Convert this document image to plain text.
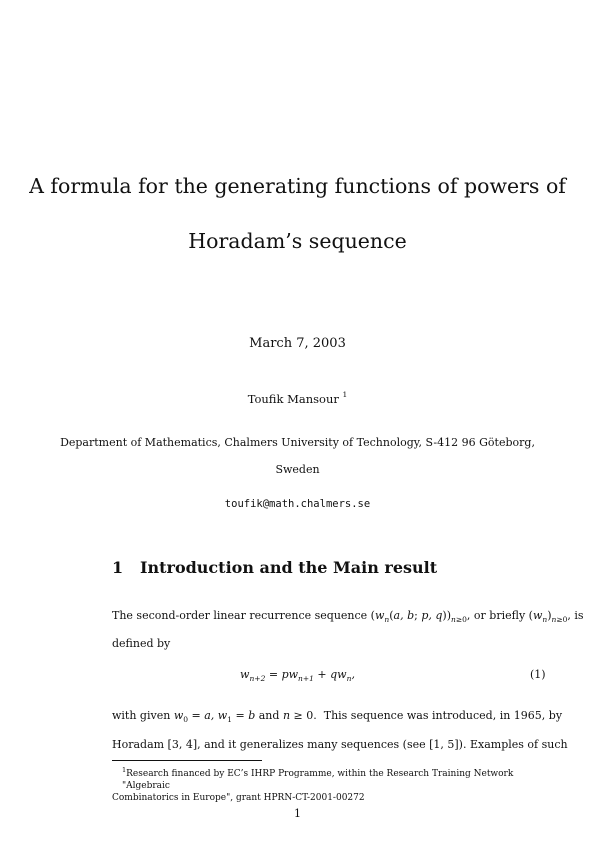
A formula for the generating functions of powers of
Horadam’s sequence
March 7, 2003
Toufik Mansour $^1$
Department of Mathematics, Chalmers University of Technology, S-412 96 Göteborg,
Sweden
toufik@math.chalmers.se
1 Introduction and the Main result
The second-order linear recurrence sequence ($w_n(a$, b; p, $q))_{n\ge 0}$, or briefly $(w_n)_{n\ge 0}$, is
defined by
$w_{n+2} = pw_{n+1} + qw_n$,	(1)
with given $w_0 = a$, $w_1 = b$ and n ≥ 0.  This sequence was introduced, in 1965, by
Horadam [3, 4], and it generalizes many sequences (see [1, 5]). Examples of such
$^1$Research financed by EC’s IHRP Programme, within the Research Training Network "Algebraic
Combinatorics in Europe", grant HPRN-CT-2001-00272
1
